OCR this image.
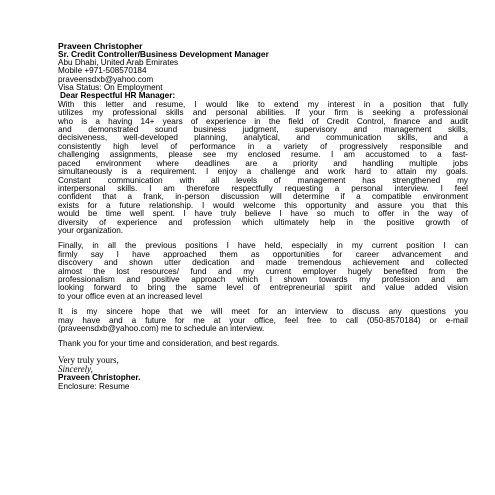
Praveen Christopher
Sr. Credit Controller/Business Development Manager
Abu Dhabi, United Arab Emirates
Mobile +971-508570184
praveensdxb@yahoo.com
Visa Status: On Employment
Dear Respectful HR Manager:
With this letter and resume, I would like to extend my interest in a position that fully
utilizes my professional skills and personal abilities. If your firm is seeking a professional
who is a having 14+ years of experience in the field of Credit Control, finance and audit
and demonstrated sound business judgment, supervisory and management skills,
decisiveness, well-developed planning, analytical, and communication skills, and a
consistently high level of performance in a variety of progressively responsible and
challenging assignments, please see my enclosed resume. I am accustomed to a fast-
paced environment where deadlines are a priority and handling multiple jobs
simultaneously is a requirement. I enjoy a challenge and work hard to attain my goals.
Constant communication with all levels of management has strengthened my
interpersonal skills. I am therefore respectfully requesting a personal interview. I feel
confident that a frank, in-person discussion will determine if a compatible environment
exists for a future relationship. I would welcome this opportunity and assure you that this
would be time well spent. I have truly believe I have so much to offer in the way of
diversity of experience and profession which ultimately help in the positive growth of
your organization.
Finally, in all the previous positions I have held, especially in my current position I can
firmly say I have approached them as opportunities for career advancement and
discovery and shown utter dedication and made tremendous achievement and collected
almost the lost resources/ fund and my current employer hugely benefited from the
professionalism and positive approach which I shown towards my profession and am
looking forward to bring the same level of entrepreneurial spirit and value added vision
to your office even at an increased level
It is my sincere hope that we will meet for an interview to discuss any questions you
may have and a future for me at your office, feel free to call (050-8570184) or e-mail
(praveensdxb@yahoo.com) me to schedule an interview.
Thank you for your time and consideration, and best regards.
Very truly yours,
Sincerely,
Praveen Christopher.
Enclosure: Resume
